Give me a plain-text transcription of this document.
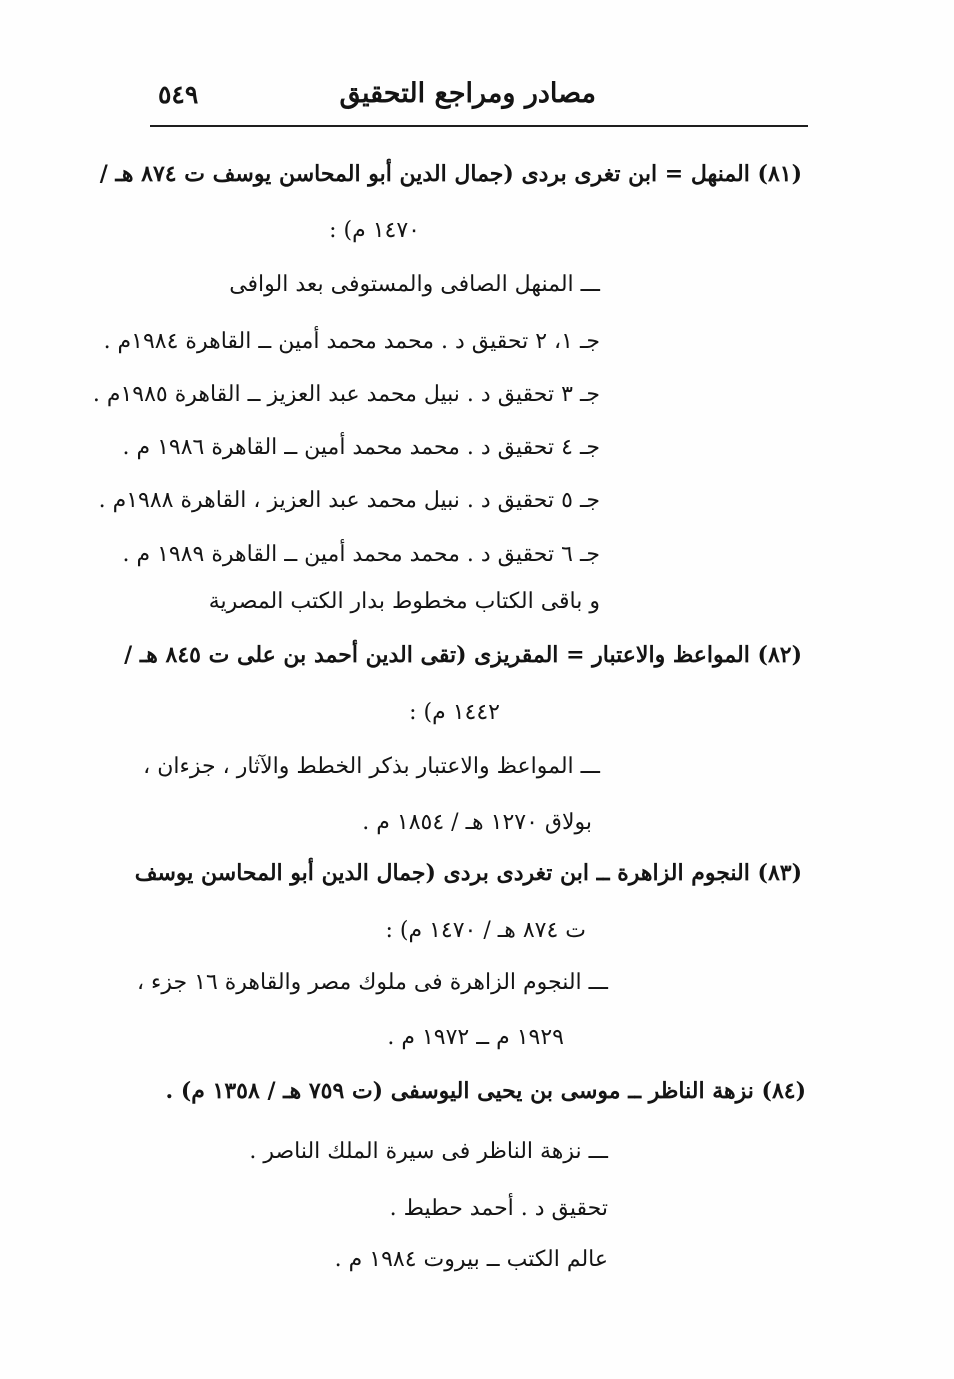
مصادر ومراجع التحقيق
٥٤٩
(٨١) المنهل = ابن تغرى بردى (جمال الدين أبو المحاسن يوسف ت ٨٧٤ هـ /
١٤٧٠ م) :
ـــ المنهل الصافى والمستوفى بعد الوافى
جـ ١، ٢ تحقيق د . محمد محمد أمين ــ القاهرة ١٩٨٤م .
جـ ٣ تحقيق د . نبيل محمد عبد العزيز ــ القاهرة ١٩٨٥م .
جـ ٤ تحقيق د . محمد محمد أمين ــ القاهرة ١٩٨٦ م .
جـ ٥ تحقيق د . نبيل محمد عبد العزيز ، القاهرة ١٩٨٨م .
جـ ٦ تحقيق د . محمد محمد أمين ــ القاهرة ١٩٨٩ م .
و باقى الكتاب مخطوط بدار الكتب المصرية
(٨٢) المواعظ والاعتبار = المقريزى (تقى الدين أحمد بن على ت ٨٤٥ هـ /
١٤٤٢ م) :
ـــ المواعظ والاعتبار بذكر الخطط والآثار ، جزءان ،
بولاق ١٢٧٠ هـ / ١٨٥٤ م .
(٨٣) النجوم الزاهرة ــ ابن تغردى بردى (جمال الدين أبو المحاسن يوسف
ت ٨٧٤ هـ / ١٤٧٠ م) :
ـــ النجوم الزاهرة فى ملوك مصر والقاهرة ١٦ جزء ،
١٩٢٩ م ــ ١٩٧٢ م .
(٨٤) نزهة الناظر ــ موسى بن يحيى اليوسفى (ت ٧٥٩ هـ / ١٣٥٨ م) .
ـــ نزهة الناظر فى سيرة الملك الناصر .
تحقيق د . أحمد حطيط .
عالم الكتب ــ بيروت ١٩٨٤ م .
